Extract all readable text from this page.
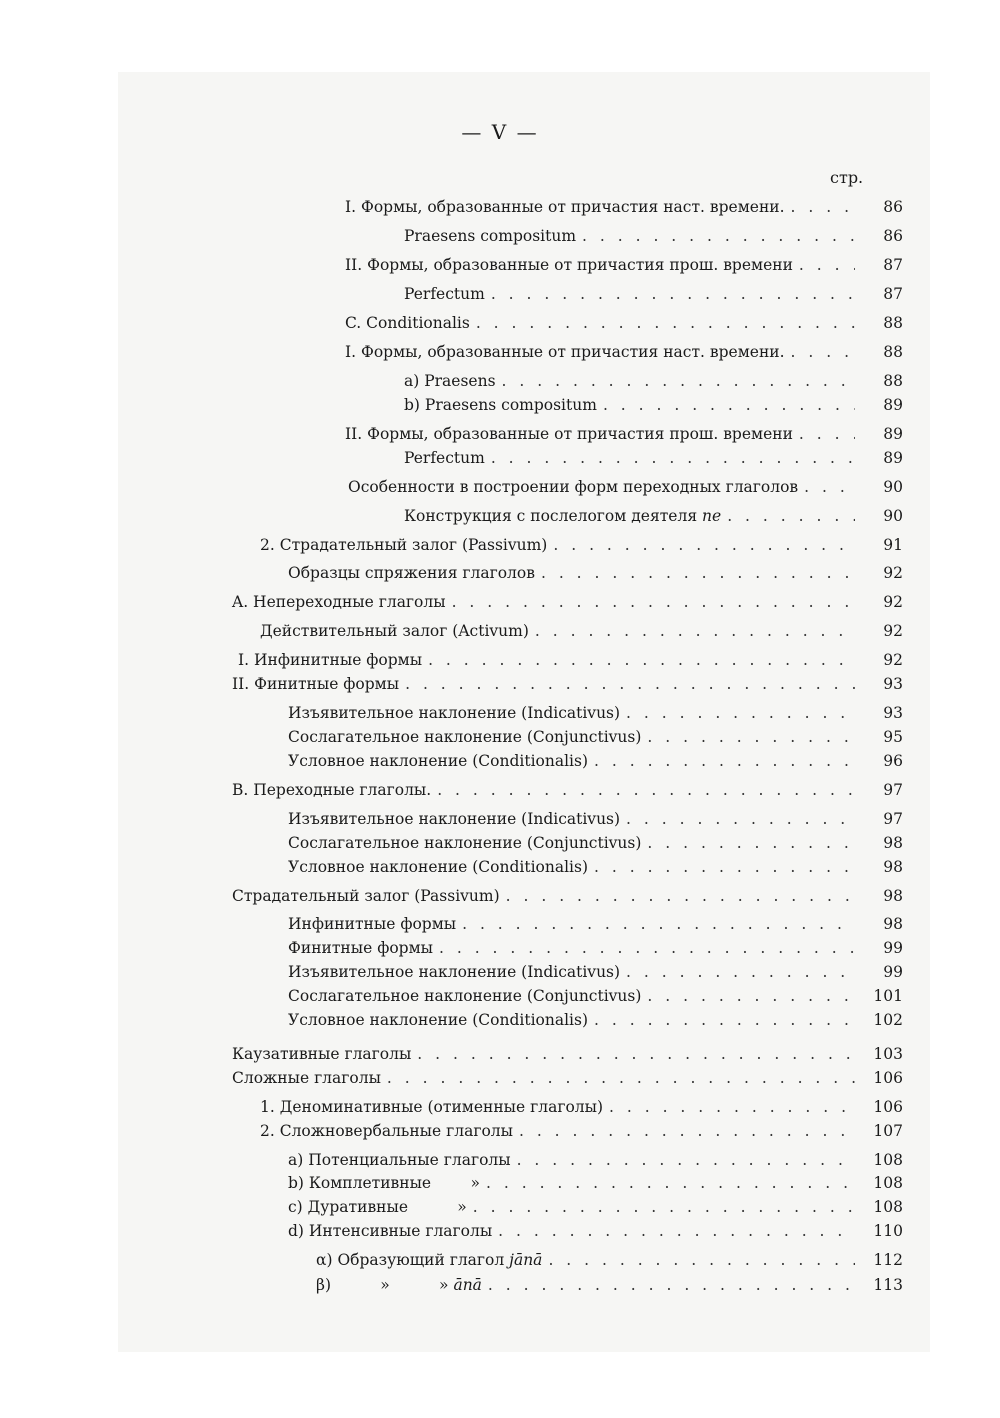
— V —
стр.
I. Формы, образованные от причастия наст. времени. . . .	86
Praesens compositum . . .	86
II. Формы, образованные от причастия прош. времени . . .	87
Perfectum . . .	87
C. Conditionalis . . .	88
I. Формы, образованные от причастия наст. времени. . . .	88
a) Praesens . . .	88
b) Praesens compositum . . .	89
II. Формы, образованные от причастия прош. времени . . .	89
Perfectum . . .	89
Особенности в построении форм переходных глаголов . . .	90
Конструкция с послелогом деятеля ne . . .	90
2. Страдательный залог (Passivum) . . .	91
Образцы спряжения глаголов . . .	92
A. Непереходные глаголы . . .	92
Действительный залог (Activum) . . .	92
I. Инфинитные формы . . .	92
II. Финитные формы . . .	93
Изъявительное наклонение (Indicativus) . . .	93
Сослагательное наклонение (Conjunctivus) . . .	95
Условное наклонение (Conditionalis) . . .	96
B. Переходные глаголы. . . .	97
Изъявительное наклонение (Indicativus) . . .	97
Сослагательное наклонение (Conjunctivus) . . .	98
Условное наклонение (Conditionalis) . . .	98
Страдательный залог (Passivum) . . .	98
Инфинитные формы . . .	98
Финитные формы . . .	99
Изъявительное наклонение (Indicativus) . . .	99
Сослагательное наклонение (Conjunctivus) . . .	101
Условное наклонение (Conditionalis) . . .	102
Каузативные глаголы . . .	103
Сложные глаголы . . .	106
1. Деноминативные (отименные глаголы) . . .	106
2. Сложновербальные глаголы . . .	107
a) Потенциальные глаголы . . .	108
b) Комплетивные        » . . .	108
c) Дуративные          » . . .	108
d) Интенсивные глаголы . . .	110
α) Образующий глагол jānā . . .	112
β)          »          » ānā . . .	113
